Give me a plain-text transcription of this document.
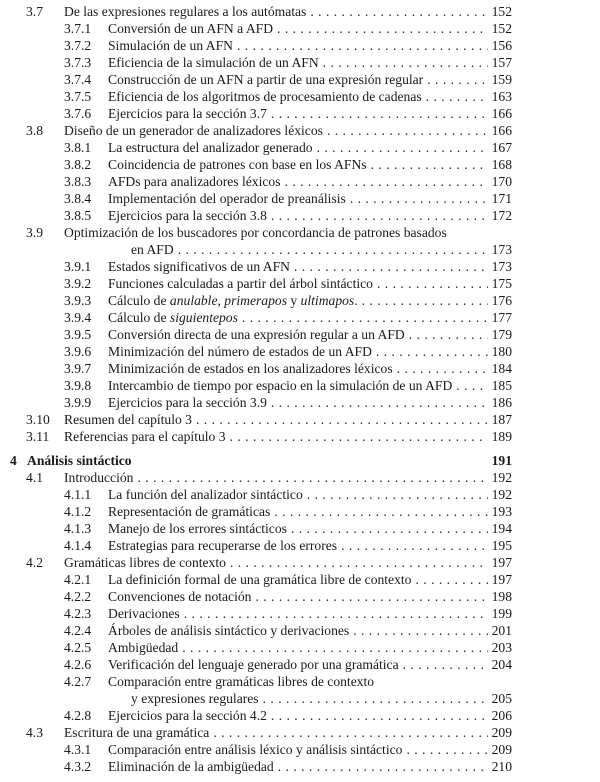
3.7 De las expresiones regulares a los autómatas .....	152
3.7.1 Conversión de un AFN a AFD .....	152
3.7.2 Simulación de un AFN .....	156
3.7.3 Eficiencia de la simulación de un AFN .....	157
3.7.4 Construcción de un AFN a partir de una expresión regular .....	159
3.7.5 Eficiencia de los algoritmos de procesamiento de cadenas .....	163
3.7.6 Ejercicios para la sección 3.7 .....	166
3.8 Diseño de un generador de analizadores léxicos .....	166
3.8.1 La estructura del analizador generado .....	167
3.8.2 Coincidencia de patrones con base en los AFNs .....	168
3.8.3 AFDs para analizadores léxicos .....	170
3.8.4 Implementación del operador de preanálisis .....	171
3.8.5 Ejercicios para la sección 3.8 .....	172
3.9 Optimización de los buscadores por concordancia de patrones basados
en AFD .....	173
3.9.1 Estados significativos de un AFN .....	173
3.9.2 Funciones calculadas a partir del árbol sintáctico .....	175
3.9.3 Cálculo de anulable, primerapos y ultimapos. .....	176
3.9.4 Cálculo de siguientepos .....	177
3.9.5 Conversión directa de una expresión regular a un AFD .....	179
3.9.6 Minimización del número de estados de un AFD .....	180
3.9.7 Minimización de estados en los analizadores léxicos .....	184
3.9.8 Intercambio de tiempo por espacio en la simulación de un AFD .....	185
3.9.9 Ejercicios para la sección 3.9 .....	186
3.10 Resumen del capítulo 3 .....	187
3.11 Referencias para el capítulo 3 .....	189
4 Análisis sintáctico	191
4.1 Introducción .....	192
4.1.1 La función del analizador sintáctico .....	192
4.1.2 Representación de gramáticas .....	193
4.1.3 Manejo de los errores sintácticos .....	194
4.1.4 Estrategias para recuperarse de los errores .....	195
4.2 Gramáticas libres de contexto .....	197
4.2.1 La definición formal de una gramática libre de contexto .....	197
4.2.2 Convenciones de notación .....	198
4.2.3 Derivaciones .....	199
4.2.4 Árboles de análisis sintáctico y derivaciones .....	201
4.2.5 Ambigüedad .....	203
4.2.6 Verificación del lenguaje generado por una gramática .....	204
4.2.7 Comparación entre gramáticas libres de contexto
y expresiones regulares .....	205
4.2.8 Ejercicios para la sección 4.2 .....	206
4.3 Escritura de una gramática .....	209
4.3.1 Comparación entre análisis léxico y análisis sintáctico .....	209
4.3.2 Eliminación de la ambigüedad .....	210
